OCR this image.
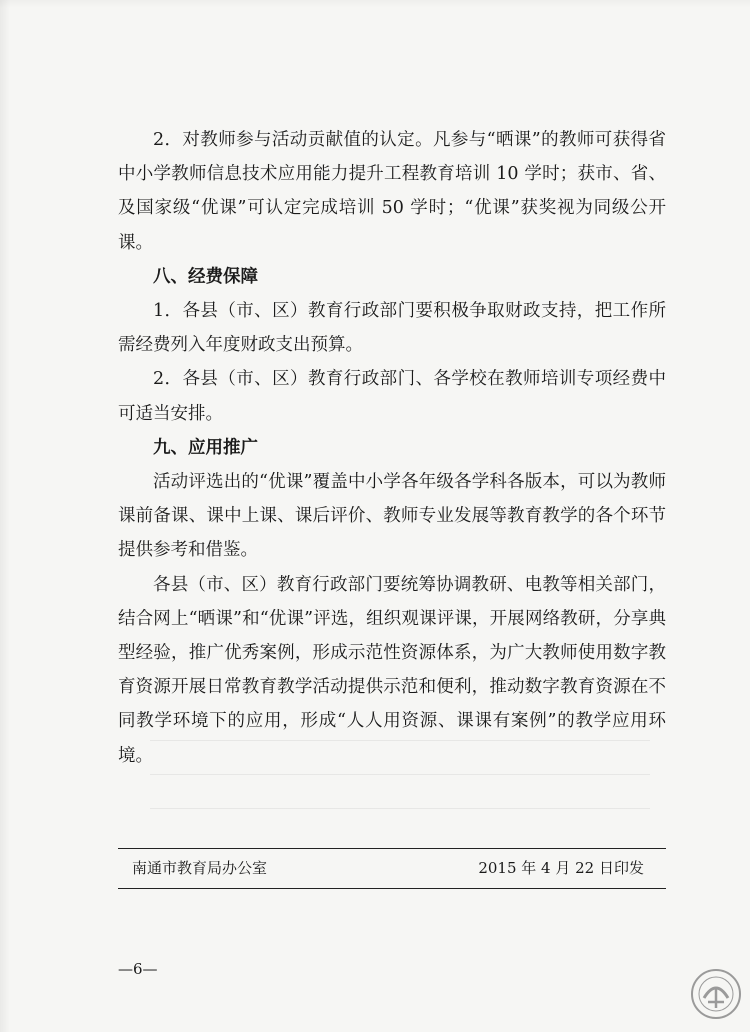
2．对教师参与活动贡献值的认定。凡参与“晒课”的教师可获得省中小学教师信息技术应用能力提升工程教育培训 10 学时；获市、省、及国家级“优课”可认定完成培训 50 学时；“优课”获奖视为同级公开课。

八、经费保障

1．各县（市、区）教育行政部门要积极争取财政支持，把工作所需经费列入年度财政支出预算。

2．各县（市、区）教育行政部门、各学校在教师培训专项经费中可适当安排。

九、应用推广

活动评选出的“优课”覆盖中小学各年级各学科各版本，可以为教师课前备课、课中上课、课后评价、教师专业发展等教育教学的各个环节提供参考和借鉴。

各县（市、区）教育行政部门要统筹协调教研、电教等相关部门，结合网上“晒课”和“优课”评选，组织观课评课，开展网络教研，分享典型经验，推广优秀案例，形成示范性资源体系，为广大教师使用数字教育资源开展日常教育教学活动提供示范和便利，推动数字教育资源在不同教学环境下的应用，形成“人人用资源、课课有案例”的教学应用环境。

南通市教育局办公室	2015 年 4 月 22 日印发
—6—
